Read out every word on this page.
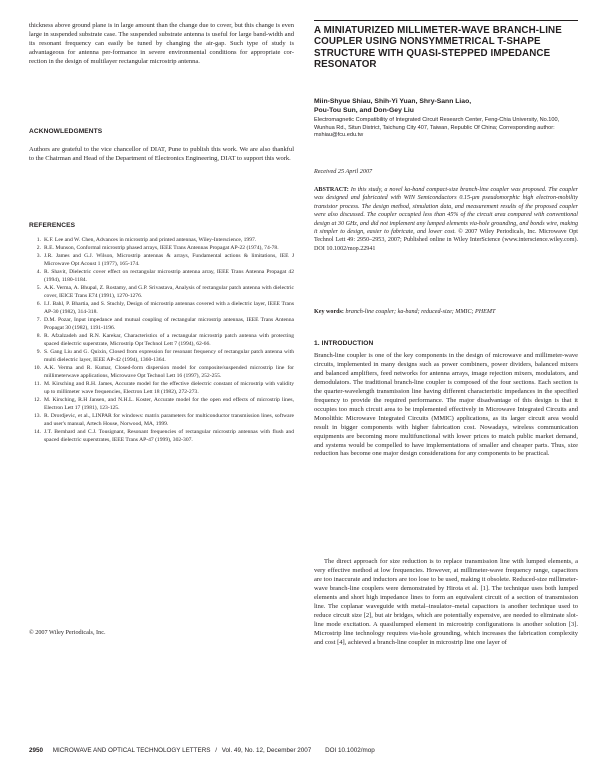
thickness above ground plane is in large amount than the change due to cover, but this change is even large in suspended substrate case. The suspended substrate antenna is useful for large band-width and its resonant frequency can easily be tuned by changing the air-gap. Such type of study is advantageous for antenna per-formance in severe environmental conditions for appropriate cor-rection in the design of multilayer rectangular microstrip antenna.

ACKNOWLEDGMENTS

Authors are grateful to the vice chancellor of DIAT, Pune to publish this work. We are also thankful to the Chairman and Head of the Department of Electronics Engineering, DIAT to support this work.

REFERENCES

1. K.F. Lee and W. Chen, Advances in microstrip and printed antennas, Wiley-Interscience, 1997.
2. R.E. Munson, Conformal microstrip phased arrays, IEEE Trans Antennas Propagat AP-22 (1974), 74-78.
3. J.R. James and G.J. Wilson, Microstrip antennas & arrays, Fundamental actions & limitations, IEE J Microwave Opt Acoust 1 (1977), 165-174.
4. R. Shavit, Dielectric cover effect on rectangular microstrip antenna array, IEEE Trans Antenna Propagat 42 (1994), 1180-1184.
5. A.K. Verma, A. Bhupal, Z. Rostamy, and G.P. Srivastava, Analysis of rectangular patch antenna with dielectric cover, IEICE Trans E74 (1991), 1270-1276.
6. I.J. Bahl, P. Bhartia, and S. Stuchly, Design of microstrip antennas covered with a dielectric layer, IEEE Trans AP-30 (1982), 314-318.
7. D.M. Pozar, Input impedance and mutual coupling of rectangular microstrip antennas, IEEE Trans Antenna Propagat 30 (1982), 1191-1196.
8. R. Afzalzadeh and R.N. Karekar, Characteristics of a rectangular microstrip patch antenna with protecting spaced dielectric superstrate, Microstrip Opt Technol Lett 7 (1994), 62-66.
9. S. Gang Liu and G. Quixin, Closed from expression for resonant frequency of rectangular patch antenna with multi dielectric layer, IEEE AP-42 (1994), 1360-1364.
10. A.K. Verma and R. Kumar, Closed-form dispersion model for composite/suspended microstrip line for millimeterwave applications, Microwave Opt Technol Lett 16 (1997), 252-255.
11. M. Kirsching and R.H. James, Accurate model for the effective dielectric constant of microstrip with validity up to millimeter wave frequencies, Electron Lett 18 (1982), 272-273.
12. M. Kirsching, R.H Jansen, and N.H.L. Koster, Accurate model for the open end effects of microstrip lines, Electron Lett 17 (1981), 123-125.
13. R. Drordjevic, et al., LINPAR for windows: matrix parameters for multiconductor transmission lines, software and user's manual, Artech House, Norwood, MA, 1999.
14. J.T. Bernhard and C.J. Tousignant, Resonant frequencies of rectangular microstrip antennas with flush and spaced dielectric superstrates, IEEE Trans AP-47 (1999), 302-307.

© 2007 Wiley Periodicals, Inc.

A MINIATURIZED MILLIMETER-WAVE BRANCH-LINE COUPLER USING NONSYMMETRICAL T-SHAPE STRUCTURE WITH QUASI-STEPPED IMPEDANCE RESONATOR

Miin-Shyue Shiau, Shih-Yi Yuan, Shry-Sann Liao,

Pou-Tou Sun, and Don-Gey Liu

Electromagnetic Compatibility of Integrated Circuit Research Center, Feng-Chia University, No.100, Wunhua Rd., Situn District, Taichung City 407, Taiwan, Republic Of China; Corresponding author: mshiau@fcu.edu.tw

Received 25 April 2007

ABSTRACT: In this study, a novel ka-band compact-size branch-line coupler was proposed. The coupler was designed and fabricated with WIN Semiconductors 0.15-μm pseudomorphic high electron-mobility transistor process. The design method, simulation data, and measurement results of the proposed coupler were also discussed. The coupler occupied less than 45% of the circuit area compared with conventional design at 30 GHz, and did not implement any lumped elements via-hole grounding, and bonds wire, making it simpler to design, easier to fabricate, and lower cost. © 2007 Wiley Periodicals, Inc. Microwave Opt Technol Lett 49: 2950–2953, 2007; Published online in Wiley InterScience (www.interscience.wiley.com). DOI 10.1002/mop.22941

Key words: branch-line coupler; ka-band; reduced-size; MMIC; PHEMT

1. INTRODUCTION

Branch-line coupler is one of the key components in the design of microwave and millimeter-wave circuits, implemented in many designs such as power combiners, power dividers, balanced mixers and balanced amplifiers, feed networks for antenna arrays, image rejection mixers, modulators, and demodulators. The traditional branch-line coupler is composed of the four sections. Each section is the quarter-wavelength transmission line having different characteristic impedances in the specified frequency to provide the required performance. The major disadvantage of this design is that it occupies too much circuit area to be implemented effectively in Microwave Integrated Circuits and Monolithic Microwave Integrated Circuits (MMIC) applications, as its larger circuit area would result in bigger components with higher fabrication cost. Nowadays, wireless communication equipments are becoming more multifunctional with lower prices to match public market demand, and systems would be compelled to have implementations of smaller and cheaper parts. Thus, size reduction has become one major design considerations for any components to be practical.

The direct approach for size reduction is to replace transmission line with lumped elements, a very effective method at low frequencies. However, at millimeter-wave frequency range, capacitors are too inaccurate and inductors are too lose to be used, making it obsolete. Reduced-size millimeter-wave branch-line couplers were demonstrated by Hirota et al. [1]. The technique uses both lumped elements and short high impedance lines to form an equivalent circuit of a section of transmission line. The coplanar waveguide with metal–insulator–metal capacitors is another technique used to reduce circuit size [2], but air bridges, which are potentially expensive, are needed to eliminate slot-line mode excitation. A quasilumped element in microstrip configurations is another solution [3]. Microstrip line technology requires via-hole grounding, which increases the fabrication complexity and cost [4], achieved a branch-line coupler in microstrip line one layer of

2950 MICROWAVE AND OPTICAL TECHNOLOGY LETTERS / Vol. 49, No. 12, December 2007 DOI 10.1002/mop
